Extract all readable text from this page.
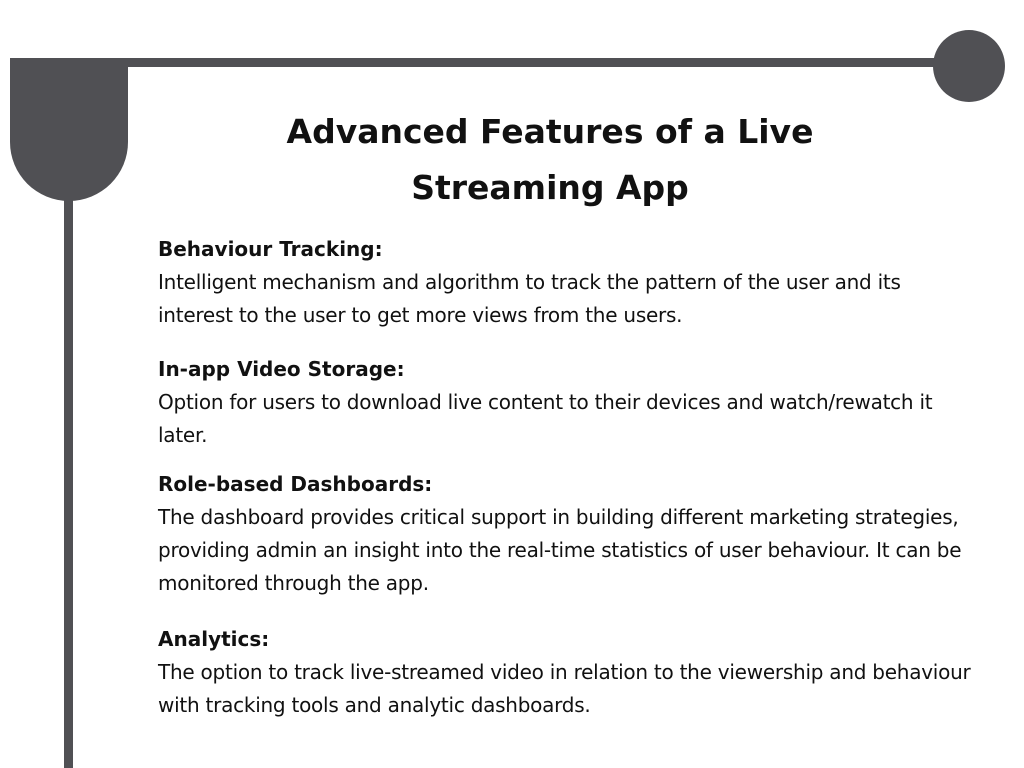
Advanced Features of a Live Streaming App
Behaviour Tracking:
Intelligent mechanism and algorithm to track the pattern of the user and its interest to the user to get more views from the users.
In-app Video Storage:
Option for users to download live content to their devices and watch/rewatch it later.
Role-based Dashboards:
The dashboard provides critical support in building different marketing strategies, providing admin an insight into the real-time statistics of user behaviour. It can be monitored through the app.
Analytics:
The option to track live-streamed video in relation to the viewership and behaviour with tracking tools and analytic dashboards.
